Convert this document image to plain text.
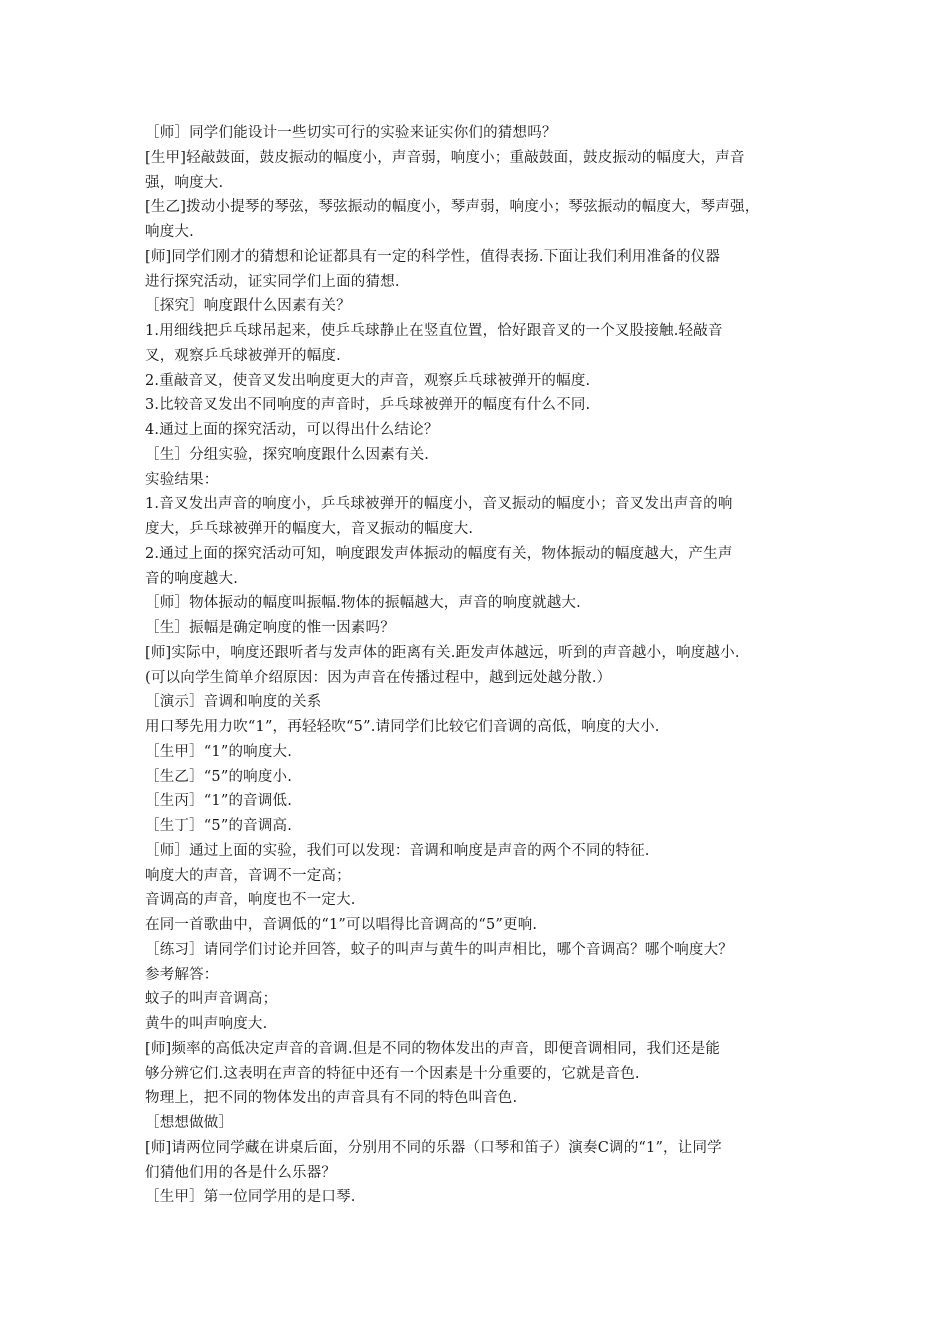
［师］同学们能设计一些切实可行的实验来证实你们的猜想吗？
[生甲]轻敲鼓面，鼓皮振动的幅度小，声音弱，响度小；重敲鼓面，鼓皮振动的幅度大，声音
强，响度大.
[生乙]拨动小提琴的琴弦，琴弦振动的幅度小，琴声弱，响度小；琴弦振动的幅度大，琴声强，
响度大.
[师]同学们刚才的猜想和论证都具有一定的科学性，值得表扬.下面让我们利用准备的仪器
进行探究活动，证实同学们上面的猜想.
［探究］响度跟什么因素有关？
1.用细线把乒乓球吊起来，使乒乓球静止在竖直位置，恰好跟音叉的一个叉股接触.轻敲音
叉，观察乒乓球被弹开的幅度.
2.重敲音叉，使音叉发出响度更大的声音，观察乒乓球被弹开的幅度.
3.比较音叉发出不同响度的声音时，乒乓球被弹开的幅度有什么不同.
4.通过上面的探究活动，可以得出什么结论？
［生］分组实验，探究响度跟什么因素有关.
实验结果：
1.音叉发出声音的响度小，乒乓球被弹开的幅度小，音叉振动的幅度小；音叉发出声音的响
度大，乒乓球被弹开的幅度大，音叉振动的幅度大.
2.通过上面的探究活动可知，响度跟发声体振动的幅度有关，物体振动的幅度越大，产生声
音的响度越大.
［师］物体振动的幅度叫振幅.物体的振幅越大，声音的响度就越大.
［生］振幅是确定响度的惟一因素吗？
[师]实际中，响度还跟听者与发声体的距离有关.距发声体越远，听到的声音越小，响度越小.
(可以向学生简单介绍原因：因为声音在传播过程中，越到远处越分散.）
［演示］音调和响度的关系
用口琴先用力吹“1”，再轻轻吹“5”.请同学们比较它们音调的高低，响度的大小.
［生甲］“1”的响度大.
［生乙］“5”的响度小.
［生丙］“1”的音调低.
［生丁］“5”的音调高.
［师］通过上面的实验，我们可以发现：音调和响度是声音的两个不同的特征.
响度大的声音，音调不一定高；
音调高的声音，响度也不一定大.
在同一首歌曲中，音调低的“1”可以唱得比音调高的“5”更响.
［练习］请同学们讨论并回答，蚊子的叫声与黄牛的叫声相比，哪个音调高？哪个响度大？
参考解答：
蚊子的叫声音调高；
黄牛的叫声响度大.
[师]频率的高低决定声音的音调.但是不同的物体发出的声音，即便音调相同，我们还是能
够分辨它们.这表明在声音的特征中还有一个因素是十分重要的，它就是音色.
物理上，把不同的物体发出的声音具有不同的特色叫音色.
［想想做做］
[师]请两位同学藏在讲桌后面，分别用不同的乐器（口琴和笛子）演奏C调的“1”，让同学
们猜他们用的各是什么乐器？
［生甲］第一位同学用的是口琴.
